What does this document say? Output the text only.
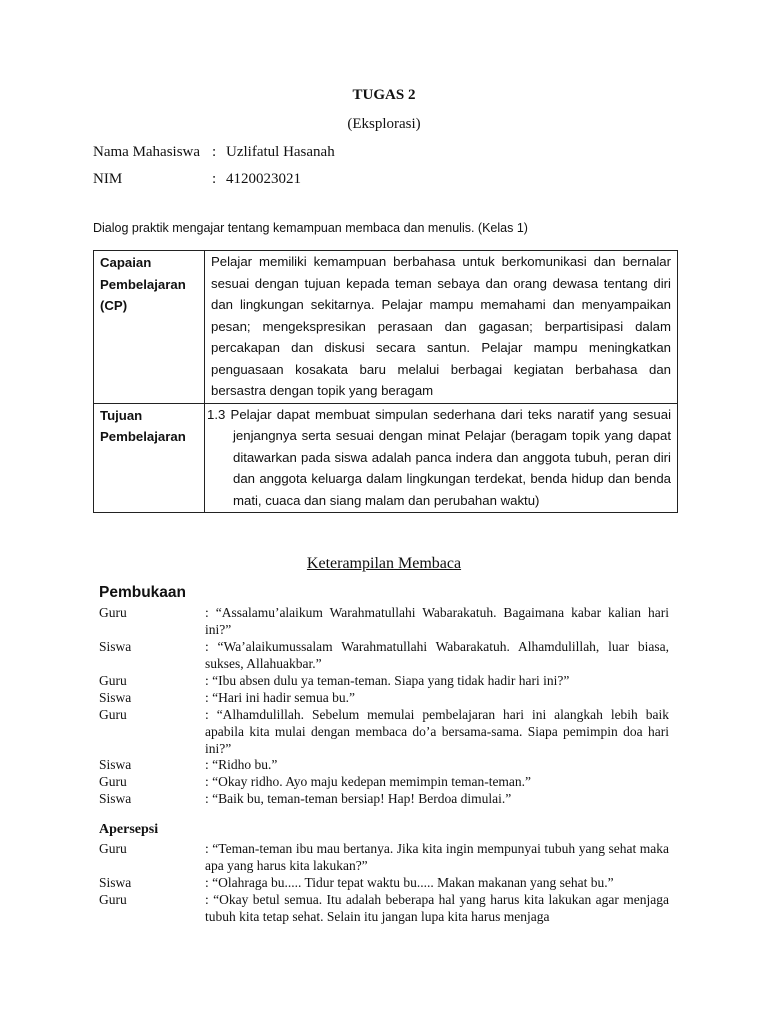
TUGAS 2
(Eksplorasi)
Nama Mahasiswa : Uzlifatul Hasanah
NIM	: 4120023021
Dialog praktik mengajar tentang kemampuan membaca dan menulis. (Kelas 1)
Capaian Pembelajaran (CP)	Pelajar memiliki kemampuan berbahasa untuk berkomunikasi dan bernalar sesuai dengan tujuan kepada teman sebaya dan orang dewasa tentang diri dan lingkungan sekitarnya. Pelajar mampu memahami dan menyampaikan pesan; mengekspresikan perasaan dan gagasan; berpartisipasi dalam percakapan dan diskusi secara santun. Pelajar mampu meningkatkan penguasaan kosakata baru melalui berbagai kegiatan berbahasa dan bersastra dengan topik yang beragam
Tujuan Pembelajaran	1.3 Pelajar dapat membuat simpulan sederhana dari teks naratif yang sesuai jenjangnya serta sesuai dengan minat Pelajar (beragam topik yang dapat ditawarkan pada siswa adalah panca indera dan anggota tubuh, peran diri dan anggota keluarga dalam lingkungan terdekat, benda hidup dan benda mati, cuaca dan siang malam dan perubahan waktu)
Keterampilan Membaca
Pembukaan
Guru	: “Assalamu’alaikum Warahmatullahi Wabarakatuh. Bagaimana kabar kalian hari ini?”
Siswa	: “Wa’alaikumussalam Warahmatullahi Wabarakatuh. Alhamdulillah, luar biasa, sukses, Allahuakbar.”
Guru	: “Ibu absen dulu ya teman-teman. Siapa yang tidak hadir hari ini?”
Siswa	: “Hari ini hadir semua bu.”
Guru	: “Alhamdulillah. Sebelum memulai pembelajaran hari ini alangkah lebih baik apabila kita mulai dengan membaca do’a bersama-sama. Siapa pemimpin doa hari ini?”
Siswa	: “Ridho bu.”
Guru	: “Okay ridho. Ayo maju kedepan memimpin teman-teman.”
Siswa	: “Baik bu, teman-teman bersiap! Hap! Berdoa dimulai.”
Apersepsi
Guru	: “Teman-teman ibu mau bertanya. Jika kita ingin mempunyai tubuh yang sehat maka apa yang harus kita lakukan?”
Siswa	: “Olahraga bu..... Tidur tepat waktu bu..... Makan makanan yang sehat bu.”
Guru	: “Okay betul semua. Itu adalah beberapa hal yang harus kita lakukan agar menjaga tubuh kita tetap sehat. Selain itu jangan lupa kita harus menjaga
